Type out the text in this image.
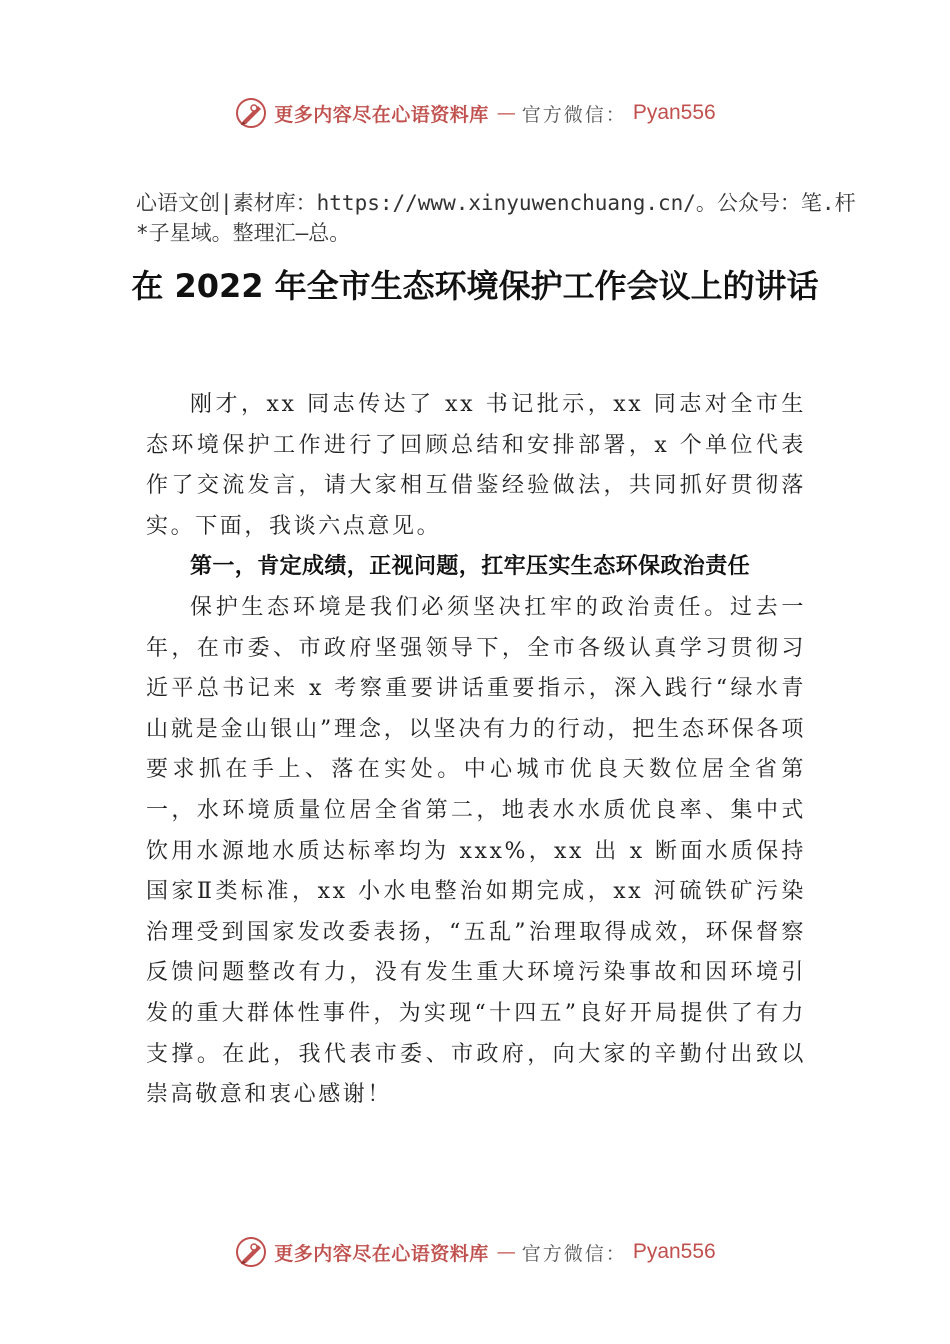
更多内容尽在心语资料库 — 官方微信： Pyan556
心语文创|素材库：https://www.xinyuwenchuang.cn/。公众号：笔.杆*子星域。整理汇—总。
在 2022 年全市生态环境保护工作会议上的讲话

刚才，xx 同志传达了 xx 书记批示，xx 同志对全市生态环境保护工作进行了回顾总结和安排部署，x 个单位代表作了交流发言，请大家相互借鉴经验做法，共同抓好贯彻落实。下面，我谈六点意见。

第一，肯定成绩，正视问题，扛牢压实生态环保政治责任

保护生态环境是我们必须坚决扛牢的政治责任。过去一年，在市委、市政府坚强领导下，全市各级认真学习贯彻习近平总书记来 x 考察重要讲话重要指示，深入践行“绿水青山就是金山银山”理念，以坚决有力的行动，把生态环保各项要求抓在手上、落在实处。中心城市优良天数位居全省第一，水环境质量位居全省第二，地表水水质优良率、集中式饮用水源地水质达标率均为 xxx%，xx 出 x 断面水质保持国家Ⅱ类标准，xx 小水电整治如期完成，xx 河硫铁矿污染治理受到国家发改委表扬，“五乱”治理取得成效，环保督察反馈问题整改有力，没有发生重大环境污染事故和因环境引发的重大群体性事件，为实现“十四五”良好开局提供了有力支撑。在此，我代表市委、市政府，向大家的辛勤付出致以崇高敬意和衷心感谢！

更多内容尽在心语资料库 — 官方微信： Pyan556
